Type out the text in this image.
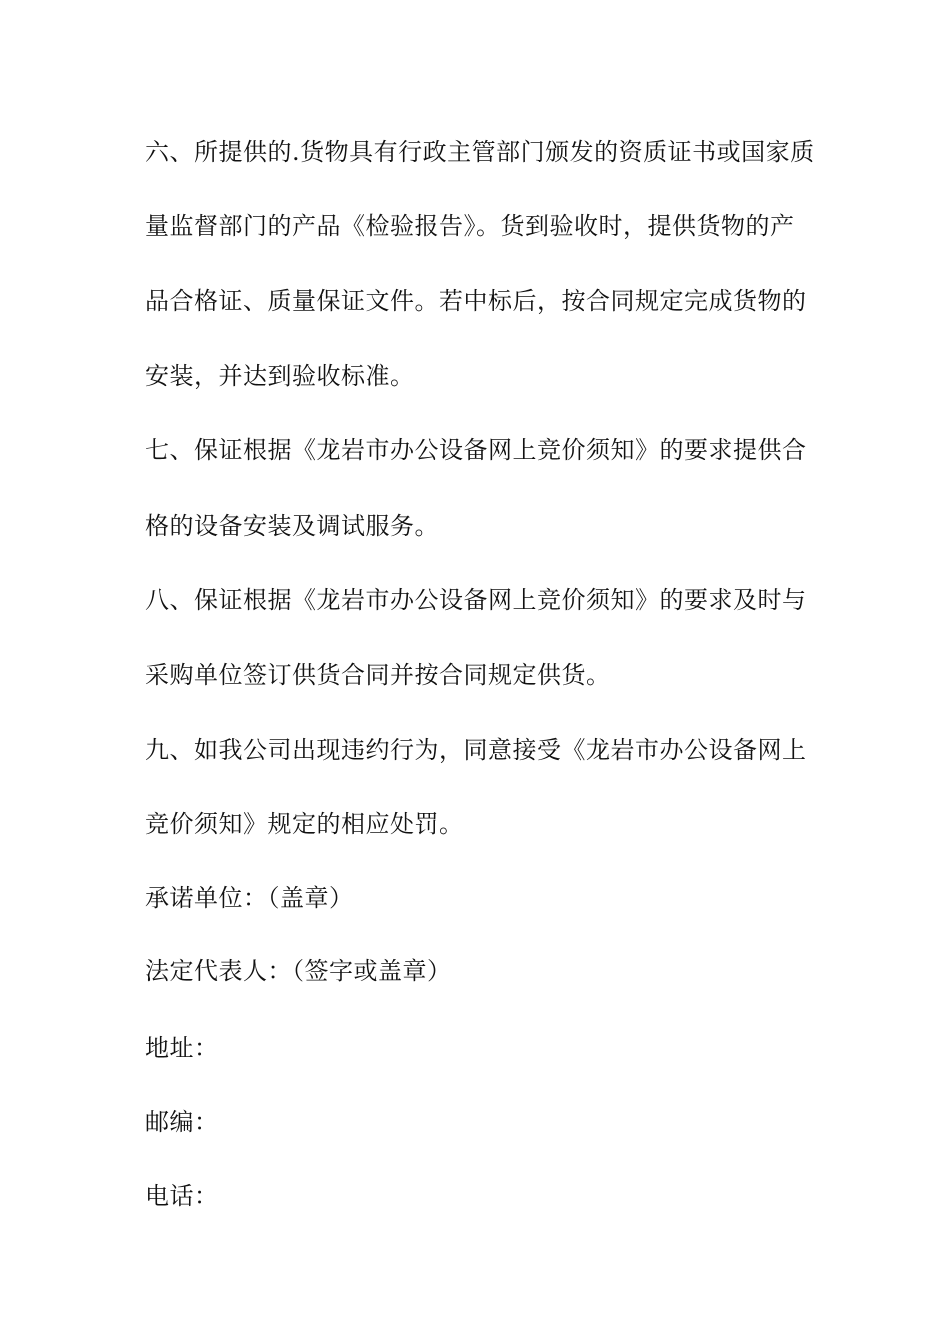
六、所提供的.货物具有行政主管部门颁发的资质证书或国家质
量监督部门的产品《检验报告》。货到验收时，提供货物的产
品合格证、质量保证文件。若中标后，按合同规定完成货物的
安装，并达到验收标准。
七、保证根据《龙岩市办公设备网上竞价须知》的要求提供合
格的设备安装及调试服务。
八、保证根据《龙岩市办公设备网上竞价须知》的要求及时与
采购单位签订供货合同并按合同规定供货。
九、如我公司出现违约行为，同意接受《龙岩市办公设备网上
竞价须知》规定的相应处罚。
承诺单位：（盖章）
法定代表人：（签字或盖章）
地址：
邮编：
电话：
